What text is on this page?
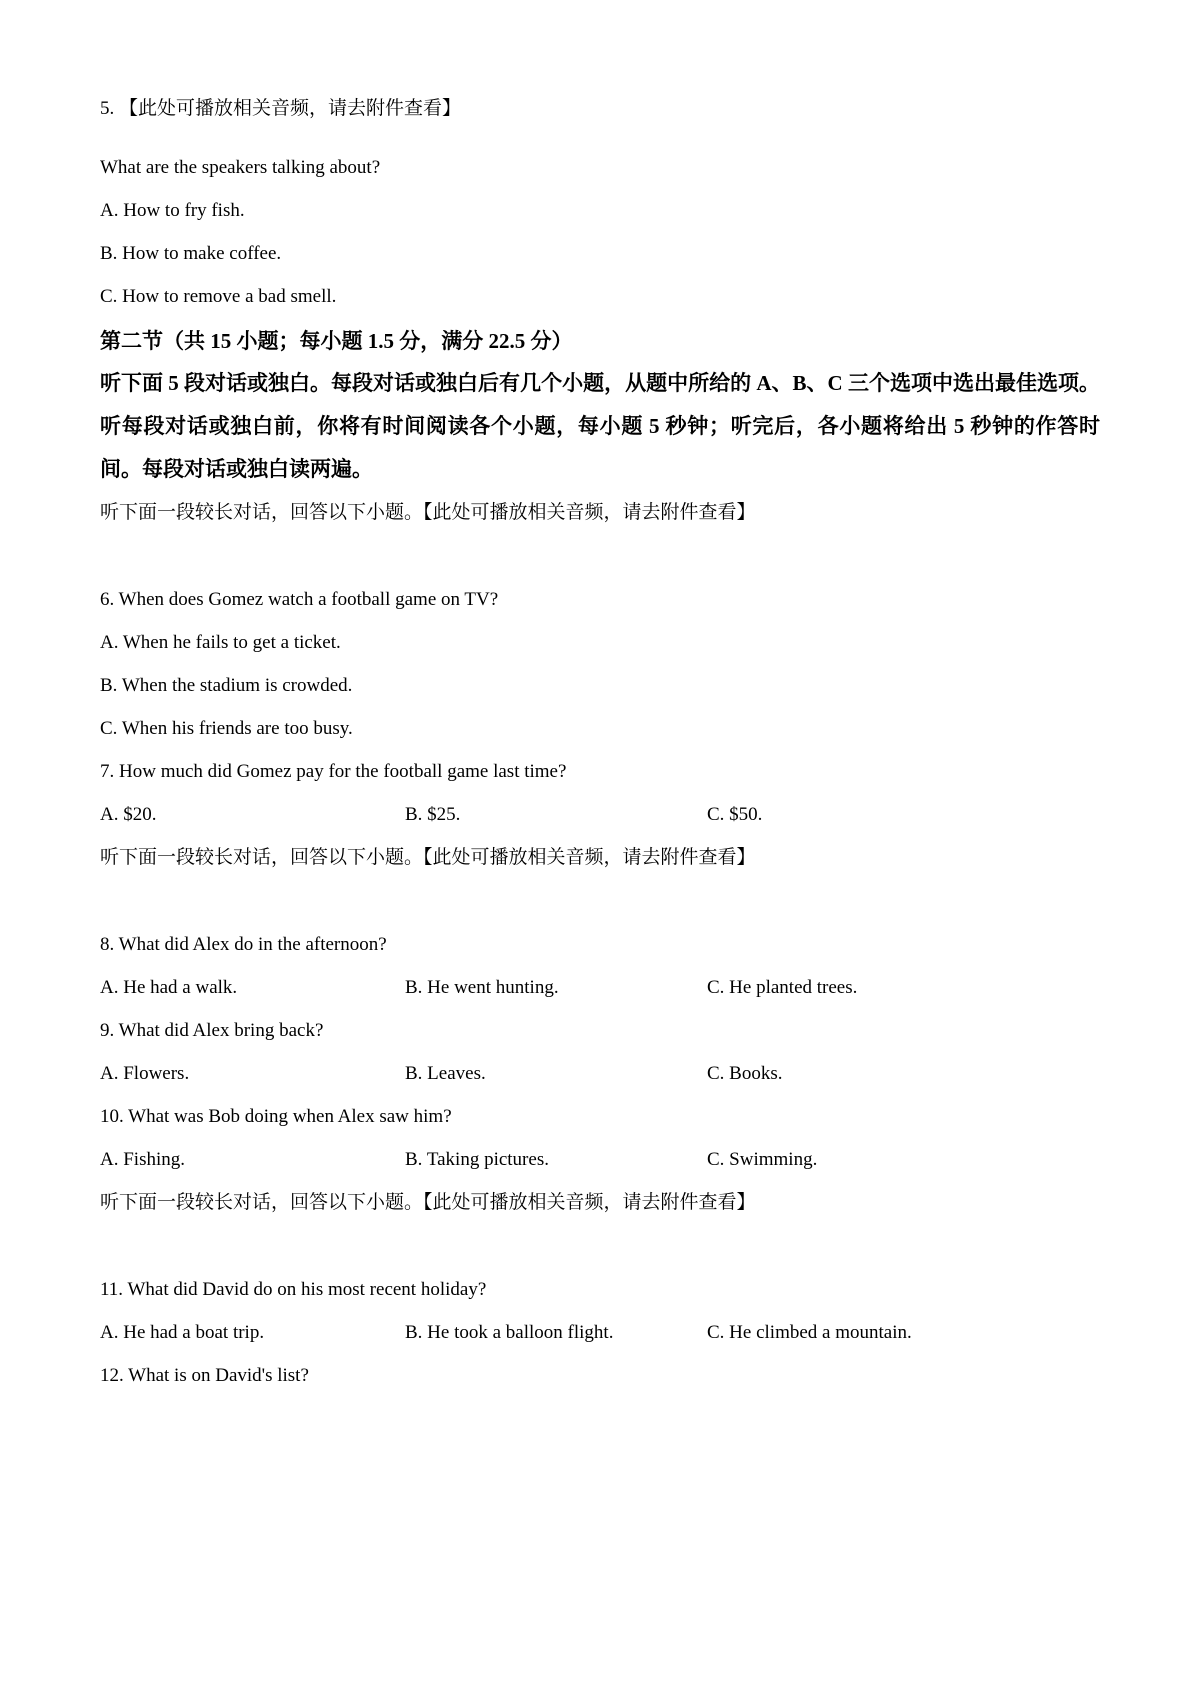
5. 【此处可播放相关音频，请去附件查看】

What are the speakers talking about?

A. How to fry fish.

B. How to make coffee.

C. How to remove a bad smell.

第二节（共 15 小题；每小题 1.5 分，满分 22.5 分）

听下面 5 段对话或独白。每段对话或独白后有几个小题，从题中所给的 A、B、C 三个选项中选出最佳选项。听每段对话或独白前，你将有时间阅读各个小题，每小题 5 秒钟；听完后，各小题将给出 5 秒钟的作答时间。每段对话或独白读两遍。

听下面一段较长对话，回答以下小题。【此处可播放相关音频，请去附件查看】

6. When does Gomez watch a football game on TV?

A. When he fails to get a ticket.

B. When the stadium is crowded.

C. When his friends are too busy.

7. How much did Gomez pay for the football game last time?

A. $20.	B. $25.	C. $50.

听下面一段较长对话，回答以下小题。【此处可播放相关音频，请去附件查看】

8. What did Alex do in the afternoon?

A. He had a walk.	B. He went hunting.	C. He planted trees.

9. What did Alex bring back?

A. Flowers.	B. Leaves.	C. Books.

10. What was Bob doing when Alex saw him?

A. Fishing.	B. Taking pictures.	C. Swimming.

听下面一段较长对话，回答以下小题。【此处可播放相关音频，请去附件查看】

11. What did David do on his most recent holiday?

A. He had a boat trip.	B. He took a balloon flight.	C. He climbed a mountain.

12. What is on David's list?
